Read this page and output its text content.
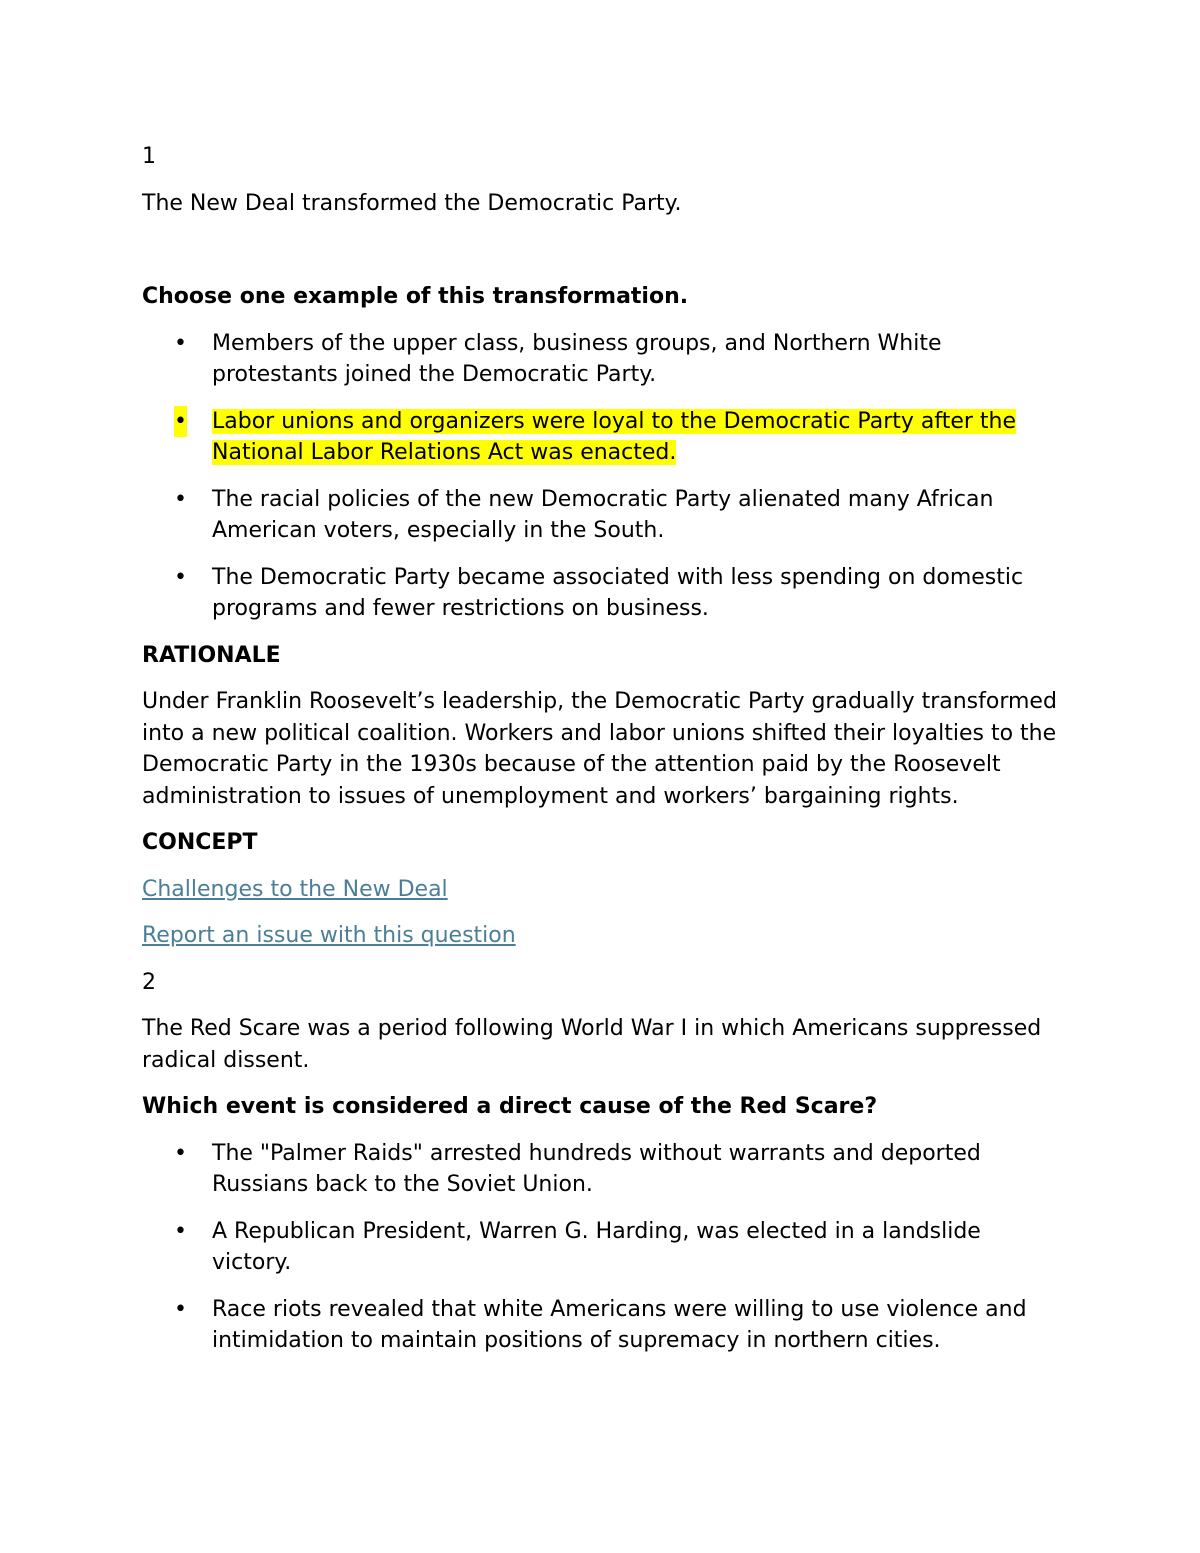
1
The New Deal transformed the Democratic Party.
Choose one example of this transformation.
• Members of the upper class, business groups, and Northern White protestants joined the Democratic Party.
• Labor unions and organizers were loyal to the Democratic Party after the National Labor Relations Act was enacted.
• The racial policies of the new Democratic Party alienated many African American voters, especially in the South.
• The Democratic Party became associated with less spending on domestic programs and fewer restrictions on business.
RATIONALE
Under Franklin Roosevelt’s leadership, the Democratic Party gradually transformed into a new political coalition. Workers and labor unions shifted their loyalties to the Democratic Party in the 1930s because of the attention paid by the Roosevelt administration to issues of unemployment and workers’ bargaining rights.
CONCEPT
Challenges to the New Deal
Report an issue with this question
2
The Red Scare was a period following World War I in which Americans suppressed radical dissent.
Which event is considered a direct cause of the Red Scare?
• The "Palmer Raids" arrested hundreds without warrants and deported Russians back to the Soviet Union.
• A Republican President, Warren G. Harding, was elected in a landslide victory.
• Race riots revealed that white Americans were willing to use violence and intimidation to maintain positions of supremacy in northern cities.
